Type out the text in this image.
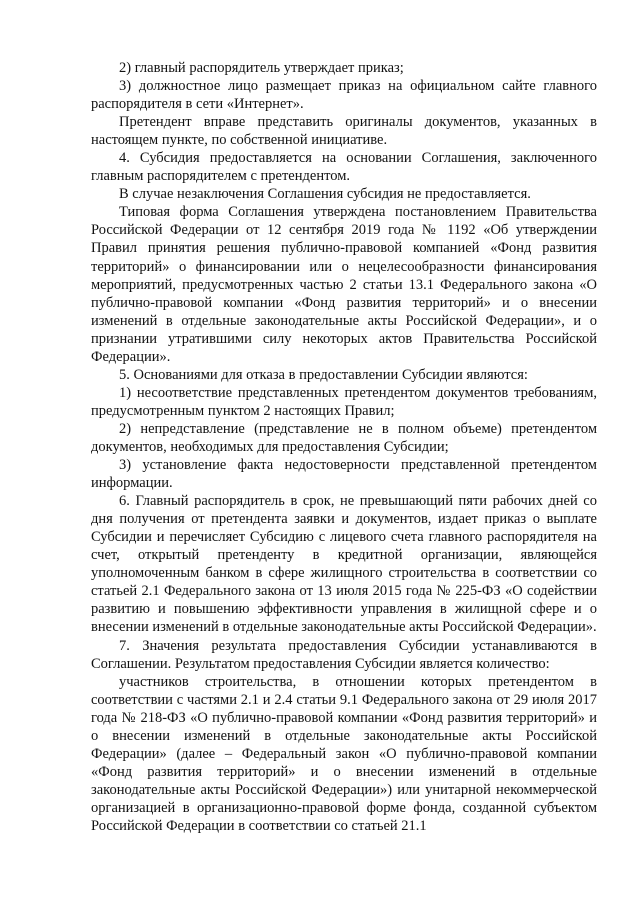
2) главный распорядитель утверждает приказ;

3) должностное лицо размещает приказ на официальном сайте главного распорядителя в сети «Интернет».

Претендент вправе представить оригиналы документов, указанных в настоящем пункте, по собственной инициативе.

4. Субсидия предоставляется на основании Соглашения, заключенного главным распорядителем с претендентом.

В случае незаключения Соглашения субсидия не предоставляется.

Типовая форма Соглашения утверждена постановлением Правительства Российской Федерации от 12 сентября 2019 года № 1192 «Об утверждении Правил принятия решения публично-правовой компанией «Фонд развития территорий» о финансировании или о нецелесообразности финансирования мероприятий, предусмотренных частью 2 статьи 13.1 Федерального закона «О публично-правовой компании «Фонд развития территорий» и о внесении изменений в отдельные законодательные акты Российской Федерации», и о признании утратившими силу некоторых актов Правительства Российской Федерации».

5. Основаниями для отказа в предоставлении Субсидии являются:

1) несоответствие представленных претендентом документов требованиям, предусмотренным пунктом 2 настоящих Правил;

2) непредставление (представление не в полном объеме) претендентом документов, необходимых для предоставления Субсидии;

3) установление факта недостоверности представленной претендентом информации.

6. Главный распорядитель в срок, не превышающий пяти рабочих дней со дня получения от претендента заявки и документов, издает приказ о выплате Субсидии и перечисляет Субсидию с лицевого счета главного распорядителя на счет, открытый претенденту в кредитной организации, являющейся уполномоченным банком в сфере жилищного строительства в соответствии со статьей 2.1 Федерального закона от 13 июля 2015 года № 225-ФЗ «О содействии развитию и повышению эффективности управления в жилищной сфере и о внесении изменений в отдельные законодательные акты Российской Федерации».

7. Значения результата предоставления Субсидии устанавливаются в Соглашении. Результатом предоставления Субсидии является количество:

участников строительства, в отношении которых претендентом в соответствии с частями 2.1 и 2.4 статьи 9.1 Федерального закона от 29 июля 2017 года № 218-ФЗ «О публично-правовой компании «Фонд развития территорий» и о внесении изменений в отдельные законодательные акты Российской Федерации» (далее – Федеральный закон «О публично-правовой компании «Фонд развития территорий» и о внесении изменений в отдельные законодательные акты Российской Федерации») или унитарной некоммерческой организацией в организационно-правовой форме фонда, созданной субъектом Российской Федерации в соответствии со статьей 21.1
